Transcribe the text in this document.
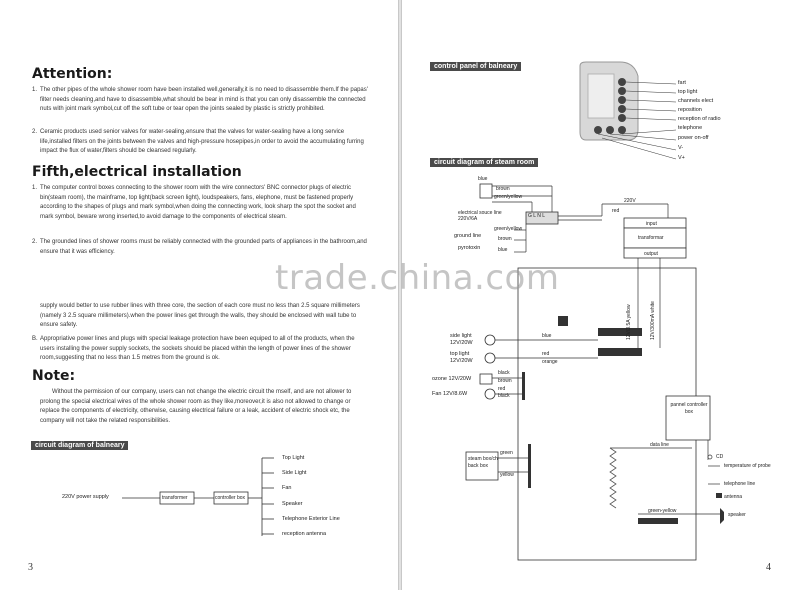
Attention:
1. The other pipes of the whole shower room have been installed well,generally,it is no need to disassemble them.If the papas' filter needs cleaning,and have to disassemble,what should be bear in mind is that you can only disassemble the connected nuts with joint mark symbol,cut off the soft tube or tear open the joints sealed by plastic is strictly prohibited.
2. Ceramic products used senior valves for water-sealing,ensure that the valves for water-sealing have a long service life,installed filters on the joints between the valves and high-pressure hosepipes,in order to avoid the accumulating furring impact the flux of water,filters should be cleansed regularly.
Fifth,electrical installation
1. The computer control boxes connecting to the shower room with the wire connectors' BNC connector plugs of electric bin(steam room), the mainframe, top light(back screen light), loudspeakers, fans, elephone, must be fastened properly according to the shapes of plugs and mark symbol,when doing the connecting work, look sharp the spot the socket and mark symbol, beware wrong inserted,to avoid damage to the components of electrical steam.
2. The grounded lines of shower rooms must be reliably connected with the grounded parts of appliances in the bathroom,and ensure that it was efficiency.
supply would better to use rubber lines with three core, the section of each core must no less than 2.5 square millimeters (namely 3 2.5 square millimeters).when the power lines get through the walls, they should be enclosed with wall tube to ensure safety.
B. Appropriative power lines and plugs with special leakage protection have been equiped to all of the products, when the users installing the power supply sockets, the sockets should be placed within the length of power lines of the shower room,suggesting that no less than 1.5 metres from the ground is ok.
Note:
Without the permission of our company, users can not change the electric circuit the mself, and are not allower to prolong the special electrical wires of the whole shower room as they like,moreover,it is also not allowed to change or replace the components of electricity, otherwise, causing electrical failure or a leak, accident of electric shock etc, the company will not take the related responsibilities.
circuit diagram of balneary
220V power supply	transformer	controller box
Top Light
Side Light
Fan
Speaker
Telephone Exterior Line
reception antenna
3
control panel of balneary
fart
top light
channels elect
reposition
reception of radio
telephone
power on-off
V-
V+
circuit diagram of steam room
blue
brown
green/yellow
220V
red
electrical souce line 220V/6A	G L N L
green/yellow
ground line	brown
pyrotoxin	blue
input
transformar
output
12V/3.5A yellow	12V/300mA white
side light 12V/20W
top light 12V/20W
blue
red
orange
ozone 12V/20W
black
brown
red
black
Fan 12V/8.6W
pannel controller box
green
yellow
steam box/ch back box
data line
CD
temperature of probe
telephone line
antenna
green-yellow
speaker
4
trade.china.com
